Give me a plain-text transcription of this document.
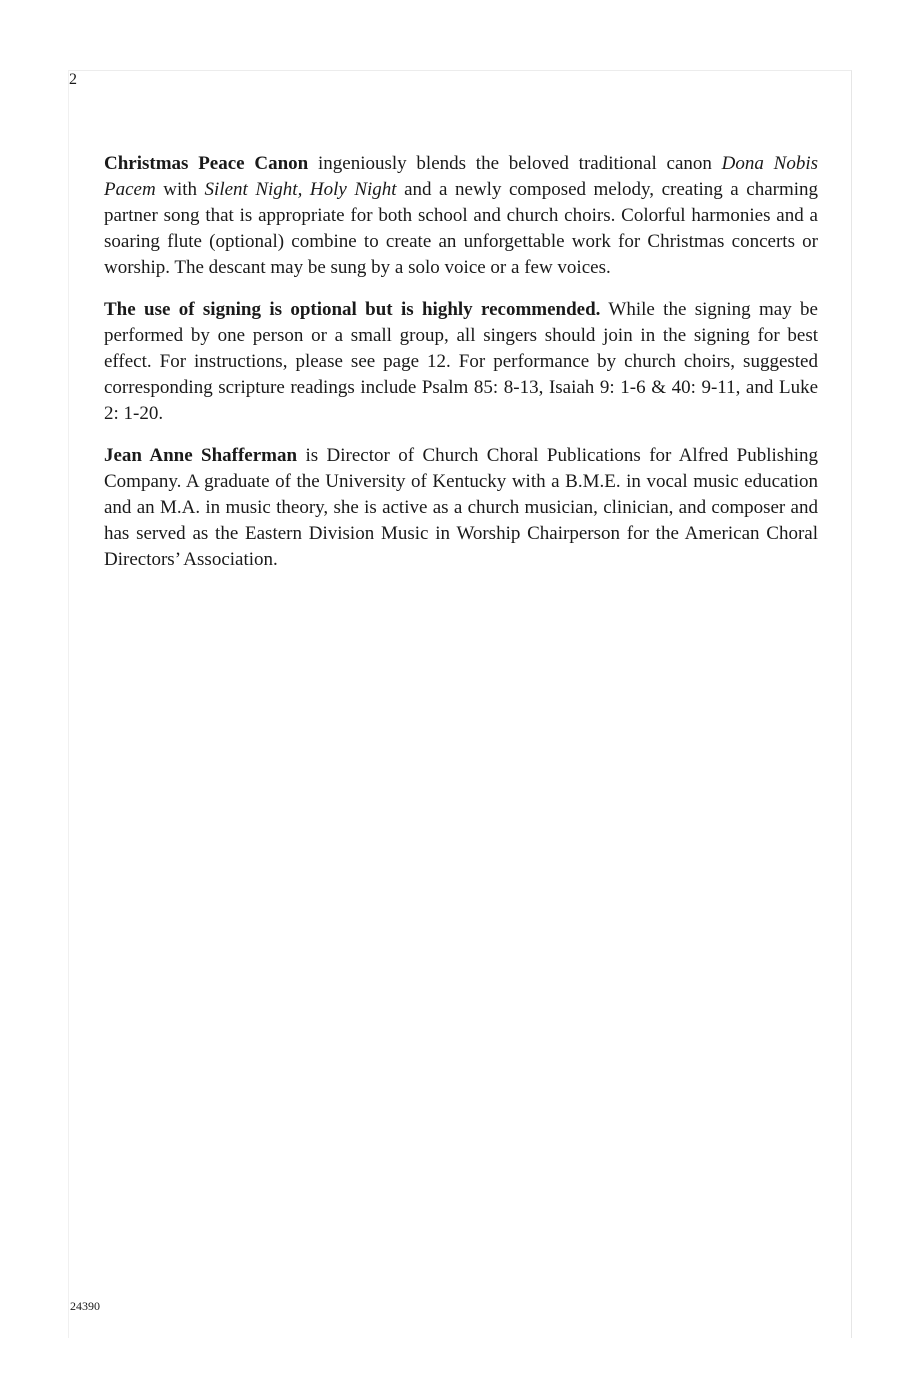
2

Christmas Peace Canon ingeniously blends the beloved traditional canon Dona Nobis Pacem with Silent Night, Holy Night and a newly composed melody, creating a charming partner song that is appropriate for both school and church choirs. Colorful harmonies and a soaring flute (optional) combine to create an unforgettable work for Christmas concerts or worship. The descant may be sung by a solo voice or a few voices.

The use of signing is optional but is highly recommended. While the signing may be performed by one person or a small group, all singers should join in the signing for best effect. For instructions, please see page 12. For performance by church choirs, suggested corresponding scripture readings include Psalm 85: 8-13, Isaiah 9: 1-6 & 40: 9-11, and Luke 2: 1-20.

Jean Anne Shafferman is Director of Church Choral Publications for Alfred Publishing Company. A graduate of the University of Kentucky with a B.M.E. in vocal music education and an M.A. in music theory, she is active as a church musician, clinician, and composer and has served as the Eastern Division Music in Worship Chairperson for the American Choral Directors’ Association.

24390
